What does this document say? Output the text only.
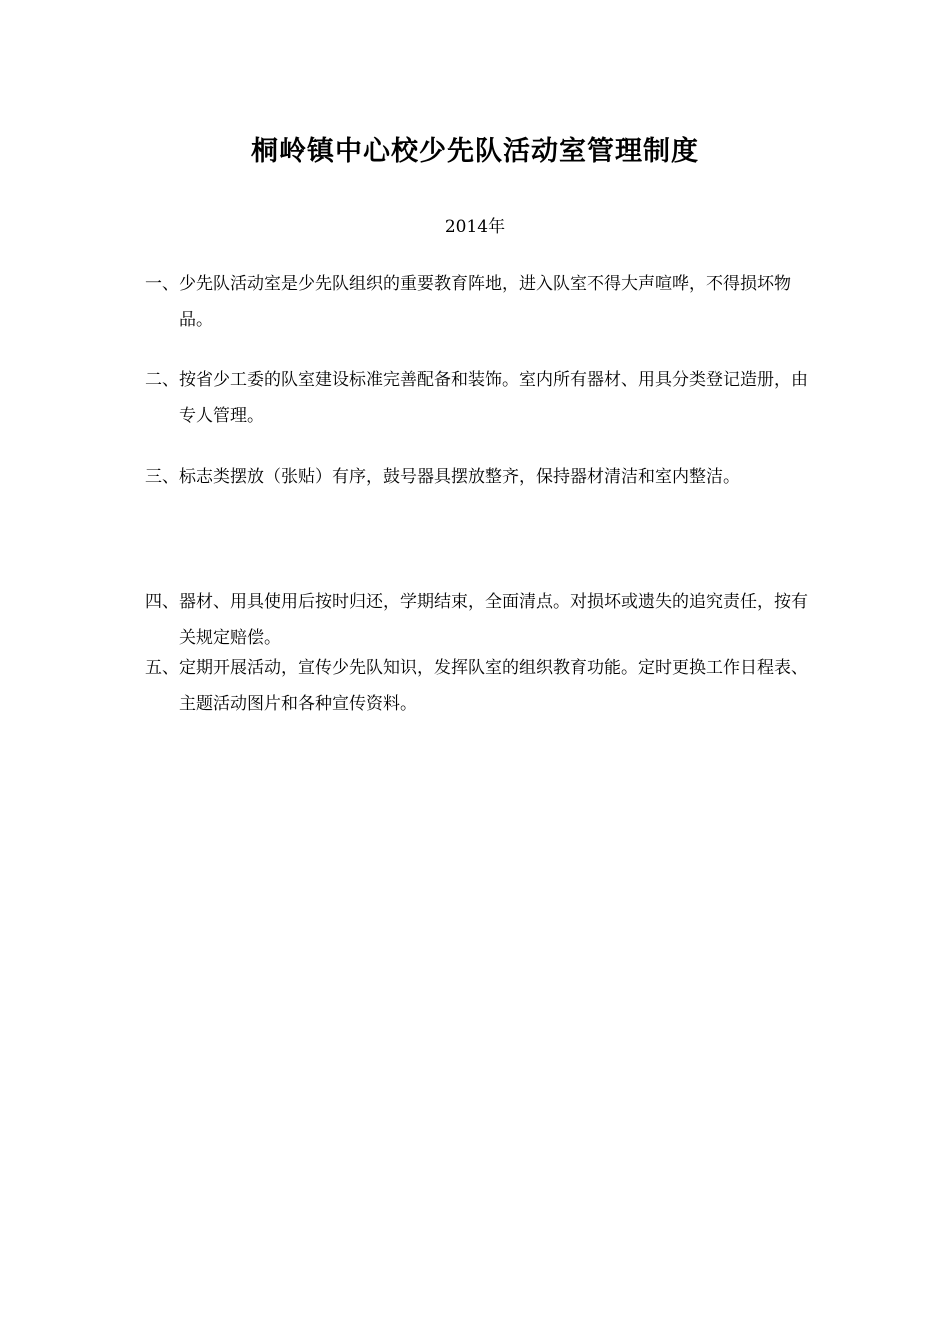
桐岭镇中心校少先队活动室管理制度

2014年

一、少先队活动室是少先队组织的重要教育阵地，进入队室不得大声喧哗，不得损坏物品。

二、按省少工委的队室建设标准完善配备和装饰。室内所有器材、用具分类登记造册，由专人管理。

三、标志类摆放（张贴）有序，鼓号器具摆放整齐，保持器材清洁和室内整洁。

四、器材、用具使用后按时归还，学期结束，全面清点。对损坏或遗失的追究责任，按有关规定赔偿。

五、定期开展活动，宣传少先队知识，发挥队室的组织教育功能。定时更换工作日程表、主题活动图片和各种宣传资料。
